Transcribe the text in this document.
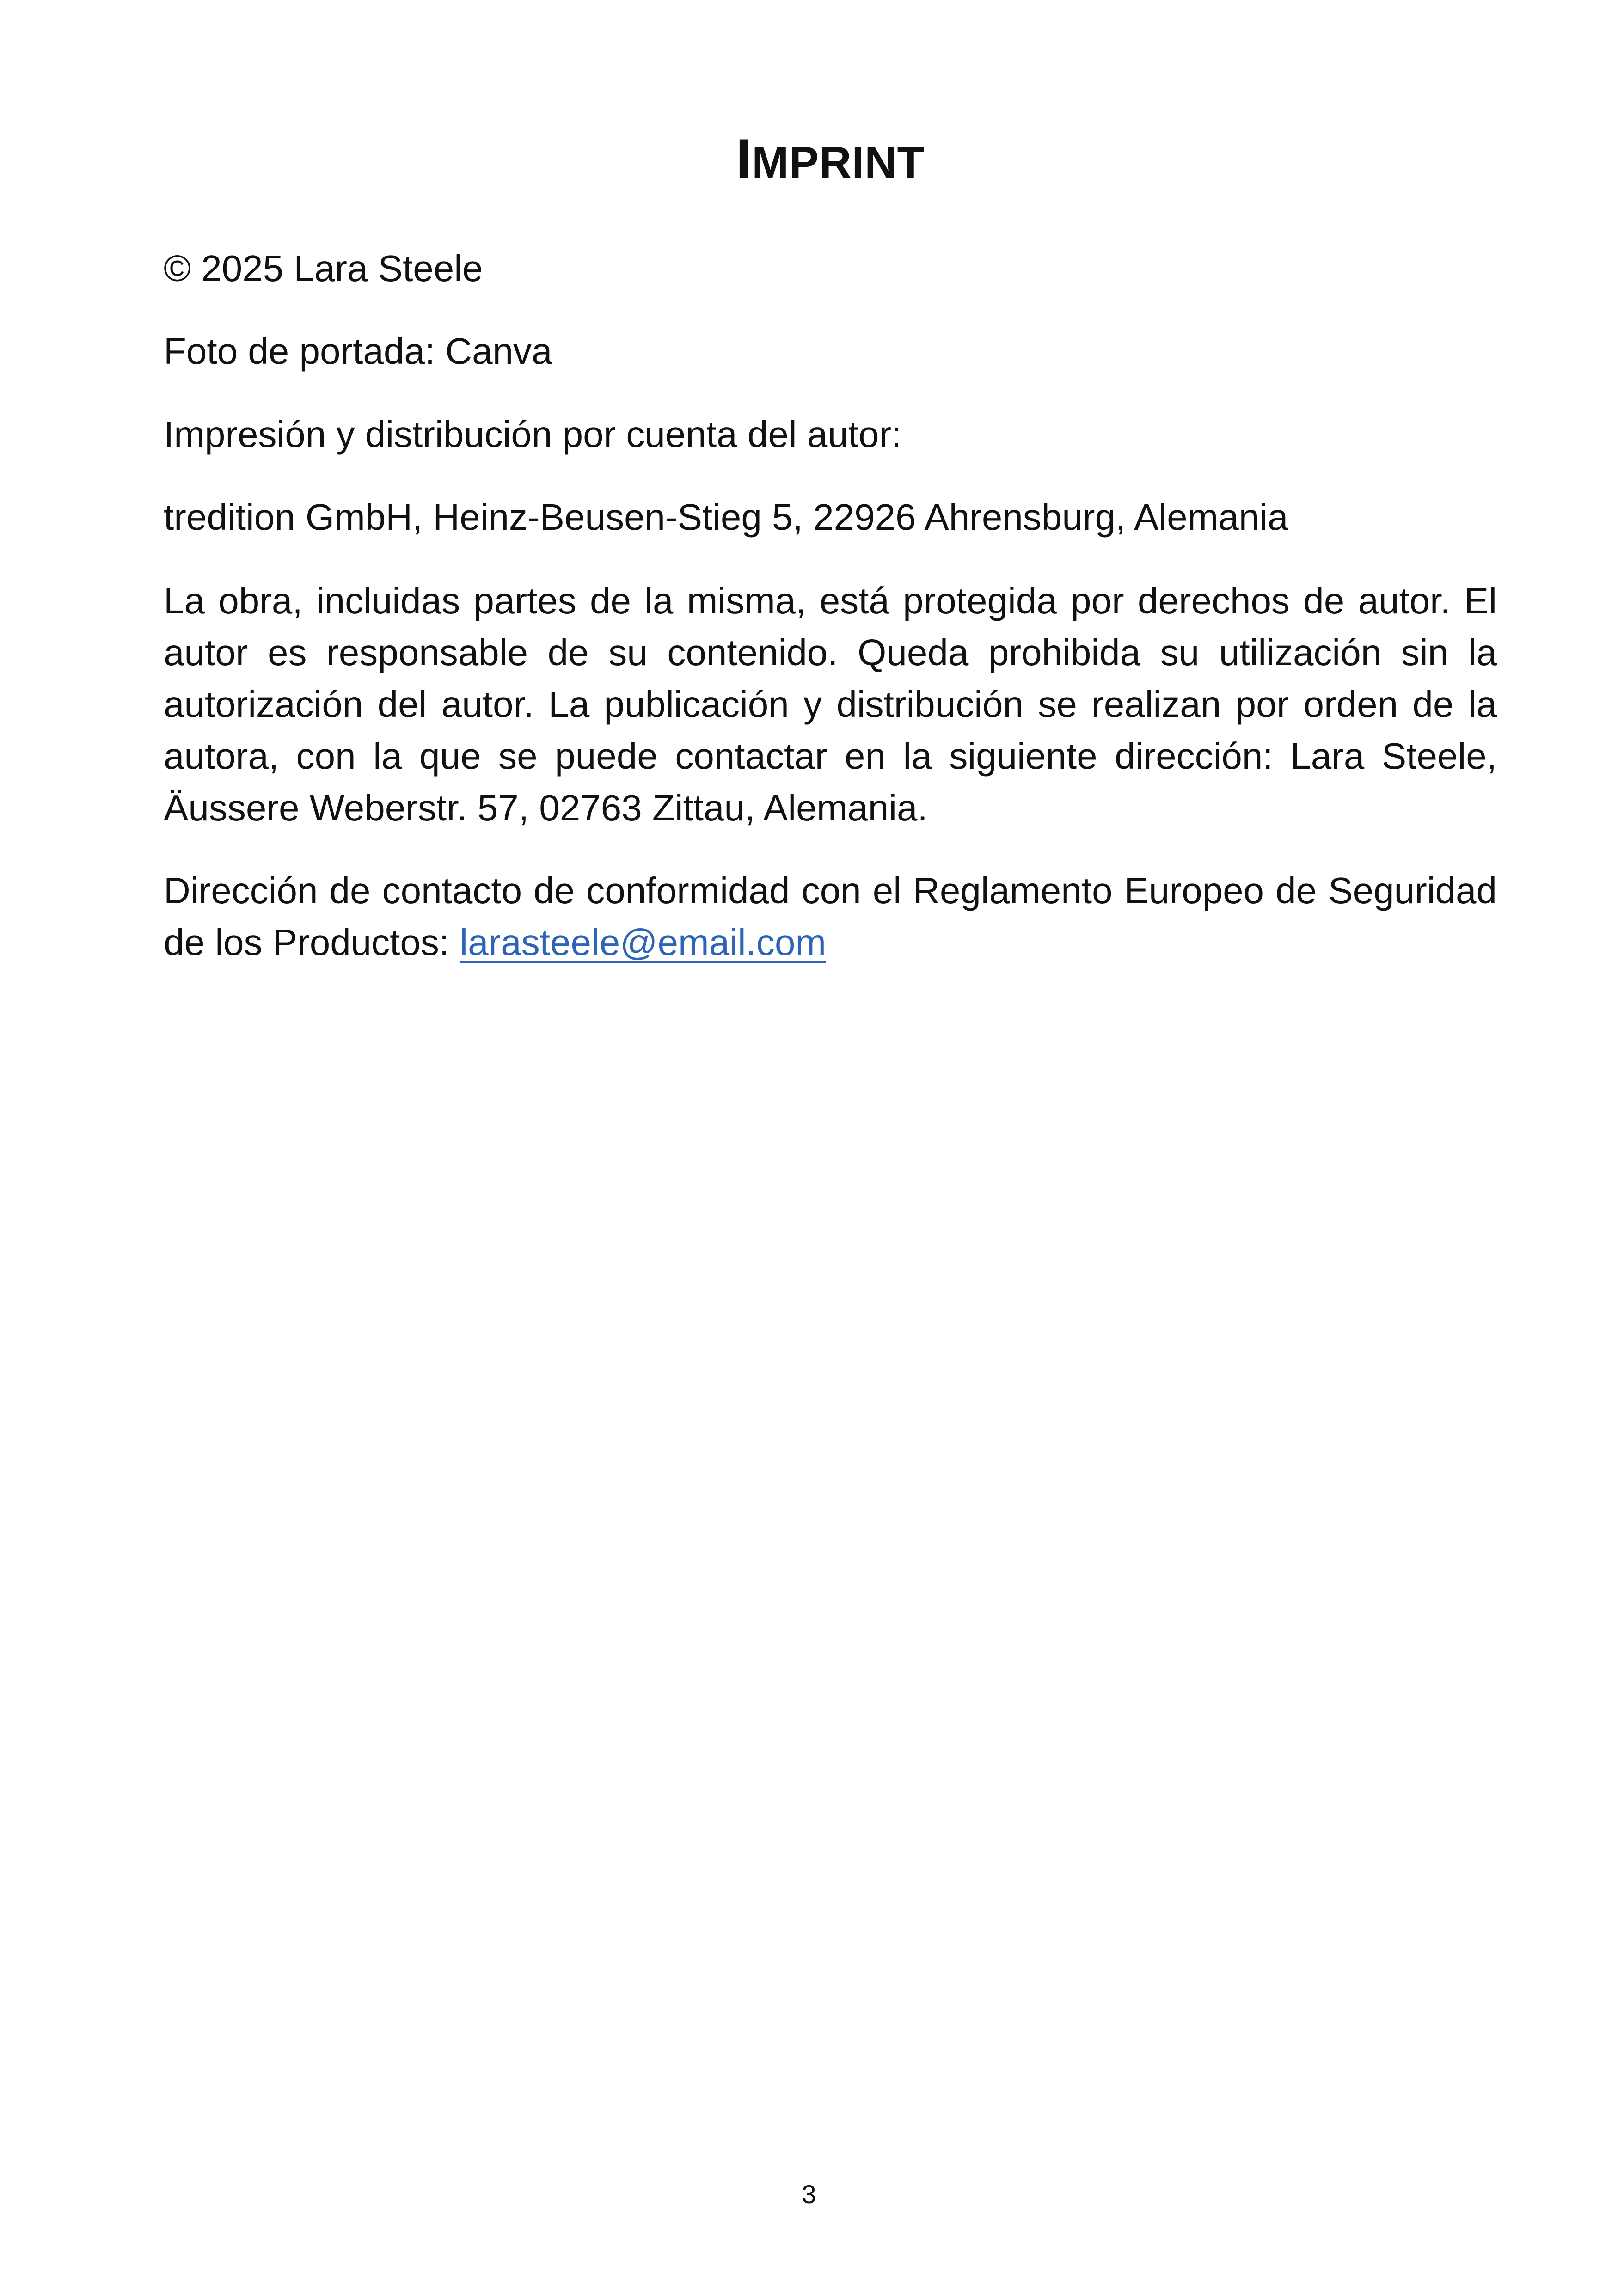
IMPRINT

© 2025 Lara Steele

Foto de portada: Canva

Impresión y distribución por cuenta del autor:

tredition GmbH, Heinz-Beusen-Stieg 5, 22926 Ahrensburg, Alemania

La obra, incluidas partes de la misma, está protegida por derechos de autor. El autor es responsable de su contenido. Queda prohibida su utilización sin la autorización del autor. La publicación y distribución se realizan por orden de la autora, con la que se puede contactar en la siguiente dirección: Lara Steele, Äussere Weberstr. 57, 02763 Zittau, Alemania.

Dirección de contacto de conformidad con el Reglamento Europeo de Seguridad de los Productos: larasteele@email.com

3
